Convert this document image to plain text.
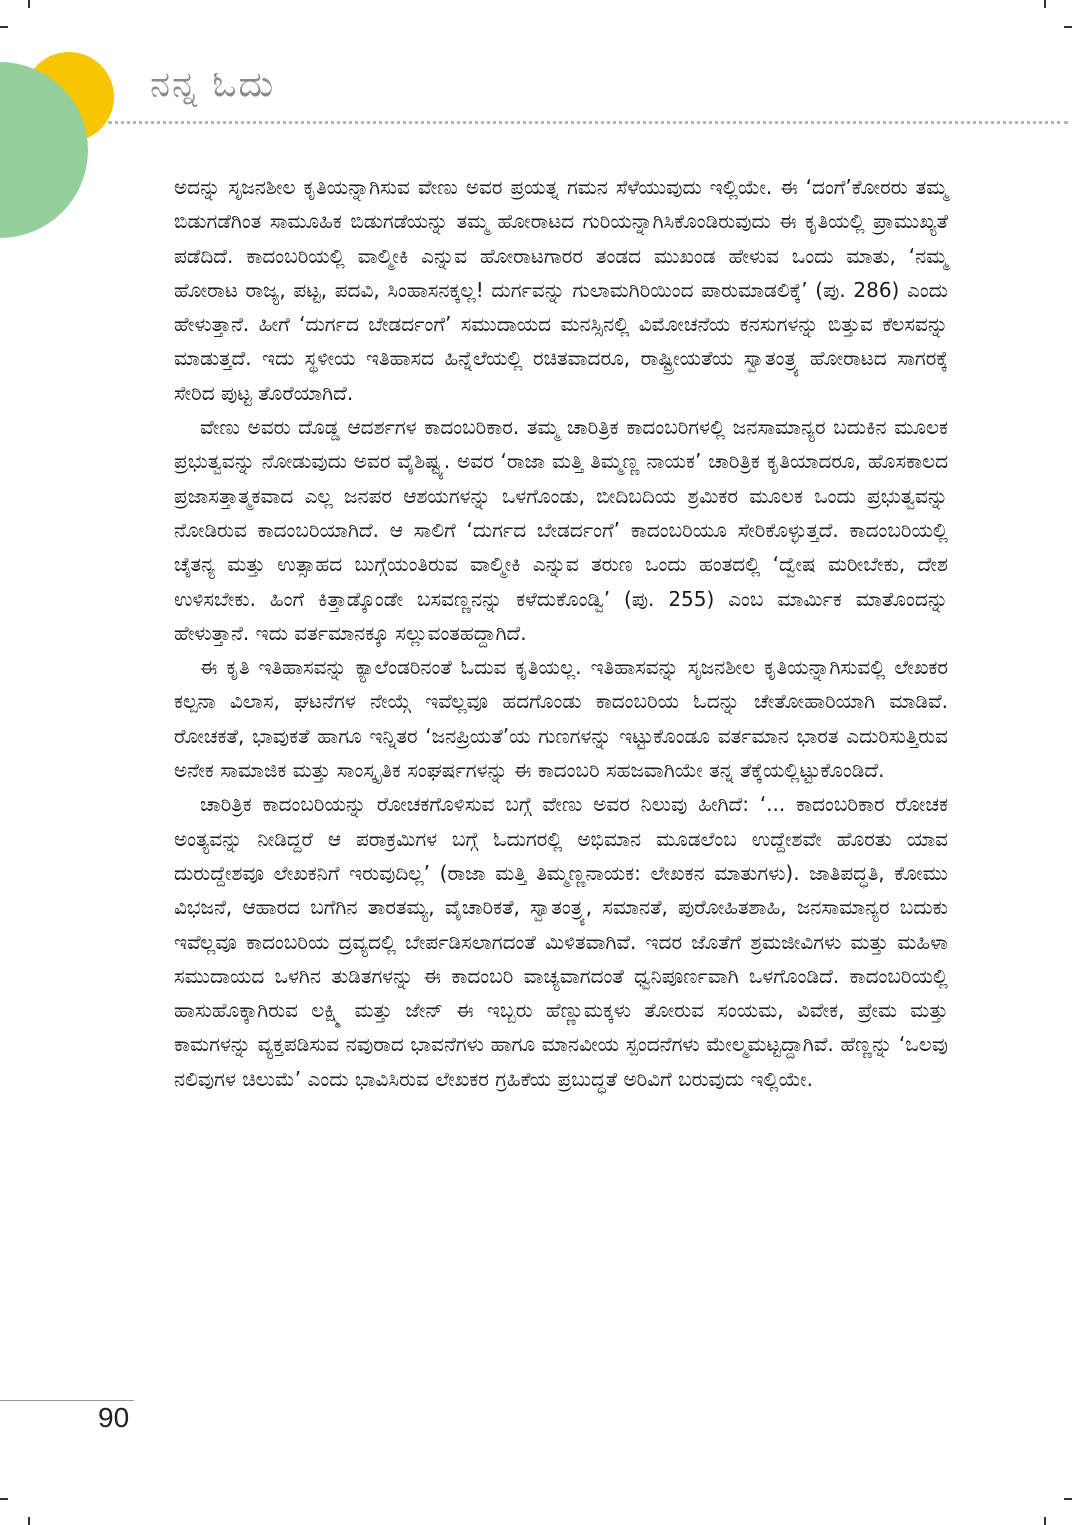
ನನ್ನ ಓದು

ಅದನ್ನು ಸೃಜನಶೀಲ ಕೃತಿಯನ್ನಾಗಿಸುವ ವೇಣು ಅವರ ಪ್ರಯತ್ನ ಗಮನ ಸೆಳೆಯುವುದು ಇಲ್ಲಿಯೇ. ಈ ‘ದಂಗೆ’ಕೋರರು ತಮ್ಮ ಬಿಡುಗಡೆಗಿಂತ ಸಾಮೂಹಿಕ ಬಿಡುಗಡೆಯನ್ನು ತಮ್ಮ ಹೋರಾಟದ ಗುರಿಯನ್ನಾಗಿಸಿಕೊಂಡಿರುವುದು ಈ ಕೃತಿಯಲ್ಲಿ ಪ್ರಾಮುಖ್ಯತೆ ಪಡೆದಿದೆ. ಕಾದಂಬರಿಯಲ್ಲಿ ವಾಲ್ಮೀಕಿ ಎನ್ನುವ ಹೋರಾಟಗಾರರ ತಂಡದ ಮುಖಂಡ ಹೇಳುವ ಒಂದು ಮಾತು, ‘ನಮ್ಮ ಹೋರಾಟ ರಾಜ್ಯ, ಪಟ್ಟ, ಪದವಿ, ಸಿಂಹಾಸನಕ್ಕಲ್ಲ! ದುರ್ಗವನ್ನು ಗುಲಾಮಗಿರಿಯಿಂದ ಪಾರುಮಾಡಲಿಕ್ಕೆ’ (ಪು. 286) ಎಂದು ಹೇಳುತ್ತಾನೆ. ಹೀಗೆ ‘ದುರ್ಗದ ಬೇಡರ್ದಂಗೆ’ ಸಮುದಾಯದ ಮನಸ್ಸಿನಲ್ಲಿ ವಿಮೋಚನೆಯ ಕನಸುಗಳನ್ನು ಬಿತ್ತುವ ಕೆಲಸವನ್ನು ಮಾಡುತ್ತದೆ. ಇದು ಸ್ಥಳೀಯ ಇತಿಹಾಸದ ಹಿನ್ನೆಲೆಯಲ್ಲಿ ರಚಿತವಾದರೂ, ರಾಷ್ಟ್ರೀಯತೆಯ ಸ್ವಾತಂತ್ರ್ಯ ಹೋರಾಟದ ಸಾಗರಕ್ಕೆ ಸೇರಿದ ಪುಟ್ಟ ತೊರೆಯಾಗಿದೆ.

ವೇಣು ಅವರು ದೊಡ್ಡ ಆದರ್ಶಗಳ ಕಾದಂಬರಿಕಾರ. ತಮ್ಮ ಚಾರಿತ್ರಿಕ ಕಾದಂಬರಿಗಳಲ್ಲಿ ಜನಸಾಮಾನ್ಯರ ಬದುಕಿನ ಮೂಲಕ ಪ್ರಭುತ್ವವನ್ನು ನೋಡುವುದು ಅವರ ವೈಶಿಷ್ಟ್ಯ. ಅವರ ‘ರಾಜಾ ಮತ್ತಿ ತಿಮ್ಮಣ್ಣ ನಾಯಕ’ ಚಾರಿತ್ರಿಕ ಕೃತಿಯಾದರೂ, ಹೊಸಕಾಲದ ಪ್ರಜಾಸತ್ತಾತ್ಮಕವಾದ ಎಲ್ಲ ಜನಪರ ಆಶಯಗಳನ್ನು ಒಳಗೊಂಡು, ಬೀದಿಬದಿಯ ಶ್ರಮಿಕರ ಮೂಲಕ ಒಂದು ಪ್ರಭುತ್ವವನ್ನು ನೋಡಿರುವ ಕಾದಂಬರಿಯಾಗಿದೆ. ಆ ಸಾಲಿಗೆ ‘ದುರ್ಗದ ಬೇಡರ್ದಂಗೆ’ ಕಾದಂಬರಿಯೂ ಸೇರಿಕೊಳ್ಳುತ್ತದೆ. ಕಾದಂಬರಿಯಲ್ಲಿ ಚೈತನ್ಯ ಮತ್ತು ಉತ್ಸಾಹದ ಬುಗ್ಗೆಯಂತಿರುವ ವಾಲ್ಮೀಕಿ ಎನ್ನುವ ತರುಣ ಒಂದು ಹಂತದಲ್ಲಿ ‘ದ್ವೇಷ ಮರೀಬೇಕು, ದೇಶ ಉಳಿಸಬೇಕು. ಹಿಂಗೆ ಕಿತ್ತಾಡ್ಕೊಂಡೇ ಬಸವಣ್ಣನನ್ನು ಕಳೆದುಕೊಂಡ್ವಿ’ (ಪು. 255) ಎಂಬ ಮಾರ್ಮಿಕ ಮಾತೊಂದನ್ನು ಹೇಳುತ್ತಾನೆ. ಇದು ವರ್ತಮಾನಕ್ಕೂ ಸಲ್ಲುವಂತಹದ್ದಾಗಿದೆ.

ಈ ಕೃತಿ ಇತಿಹಾಸವನ್ನು ಕ್ಯಾಲೆಂಡರಿನಂತೆ ಓದುವ ಕೃತಿಯಲ್ಲ. ಇತಿಹಾಸವನ್ನು ಸೃಜನಶೀಲ ಕೃತಿಯನ್ನಾಗಿಸುವಲ್ಲಿ ಲೇಖಕರ ಕಲ್ಪನಾ ವಿಲಾಸ, ಘಟನೆಗಳ ನೇಯ್ಗೆ ಇವೆಲ್ಲವೂ ಹದಗೊಂಡು ಕಾದಂಬರಿಯ ಓದನ್ನು ಚೇತೋಹಾರಿಯಾಗಿ ಮಾಡಿವೆ. ರೋಚಕತೆ, ಭಾವುಕತೆ ಹಾಗೂ ಇನ್ನಿತರ ‘ಜನಪ್ರಿಯತೆ’ಯ ಗುಣಗಳನ್ನು ಇಟ್ಟುಕೊಂಡೂ ವರ್ತಮಾನ ಭಾರತ ಎದುರಿಸುತ್ತಿರುವ ಅನೇಕ ಸಾಮಾಜಿಕ ಮತ್ತು ಸಾಂಸ್ಕೃತಿಕ ಸಂಘರ್ಷಗಳನ್ನು ಈ ಕಾದಂಬರಿ ಸಹಜವಾಗಿಯೇ ತನ್ನ ತೆಕ್ಕೆಯಲ್ಲಿಟ್ಟುಕೊಂಡಿದೆ.

ಚಾರಿತ್ರಿಕ ಕಾದಂಬರಿಯನ್ನು ರೋಚಕಗೊಳಿಸುವ ಬಗ್ಗೆ ವೇಣು ಅವರ ನಿಲುವು ಹೀಗಿದೆ: ‘... ಕಾದಂಬರಿಕಾರ ರೋಚಕ ಅಂತ್ಯವನ್ನು ನೀಡಿದ್ದರೆ ಆ ಪರಾಕ್ರಮಿಗಳ ಬಗ್ಗೆ ಓದುಗರಲ್ಲಿ ಅಭಿಮಾನ ಮೂಡಲೆಂಬ ಉದ್ದೇಶವೇ ಹೊರತು ಯಾವ ದುರುದ್ದೇಶವೂ ಲೇಖಕನಿಗೆ ಇರುವುದಿಲ್ಲ’ (ರಾಜಾ ಮತ್ತಿ ತಿಮ್ಮಣ್ಣನಾಯಕ: ಲೇಖಕನ ಮಾತುಗಳು). ಜಾತಿಪದ್ಧತಿ, ಕೋಮು ವಿಭಜನೆ, ಆಹಾರದ ಬಗೆಗಿನ ತಾರತಮ್ಯ, ವೈಚಾರಿಕತೆ, ಸ್ವಾತಂತ್ರ್ಯ, ಸಮಾನತೆ, ಪುರೋಹಿತಶಾಹಿ, ಜನಸಾಮಾನ್ಯರ ಬದುಕು ಇವೆಲ್ಲವೂ ಕಾದಂಬರಿಯ ದ್ರವ್ಯದಲ್ಲಿ ಬೇರ್ಪಡಿಸಲಾಗದಂತೆ ಮಿಳಿತವಾಗಿವೆ. ಇದರ ಜೊತೆಗೆ ಶ್ರಮಜೀವಿಗಳು ಮತ್ತು ಮಹಿಳಾ ಸಮುದಾಯದ ಒಳಗಿನ ತುಡಿತಗಳನ್ನು ಈ ಕಾದಂಬರಿ ವಾಚ್ಯವಾಗದಂತೆ ಧ್ವನಿಪೂರ್ಣವಾಗಿ ಒಳಗೊಂಡಿದೆ. ಕಾದಂಬರಿಯಲ್ಲಿ ಹಾಸುಹೊಕ್ಕಾಗಿರುವ ಲಕ್ಷ್ಮಿ ಮತ್ತು ಜೇನ್ ಈ ಇಬ್ಬರು ಹೆಣ್ಣುಮಕ್ಕಳು ತೋರುವ ಸಂಯಮ, ವಿವೇಕ, ಪ್ರೇಮ ಮತ್ತು ಕಾಮಗಳನ್ನು ವ್ಯಕ್ತಪಡಿಸುವ ನವುರಾದ ಭಾವನೆಗಳು ಹಾಗೂ ಮಾನವೀಯ ಸ್ಪಂದನೆಗಳು ಮೇಲ್ಮಮಟ್ಟದ್ದಾಗಿವೆ. ಹೆಣ್ಣನ್ನು ‘ಒಲವು ನಲಿವುಗಳ ಚಿಲುಮೆ’ ಎಂದು ಭಾವಿಸಿರುವ ಲೇಖಕರ ಗ್ರಹಿಕೆಯ ಪ್ರಬುದ್ಧತೆ ಅರಿವಿಗೆ ಬರುವುದು ಇಲ್ಲಿಯೇ.

90
